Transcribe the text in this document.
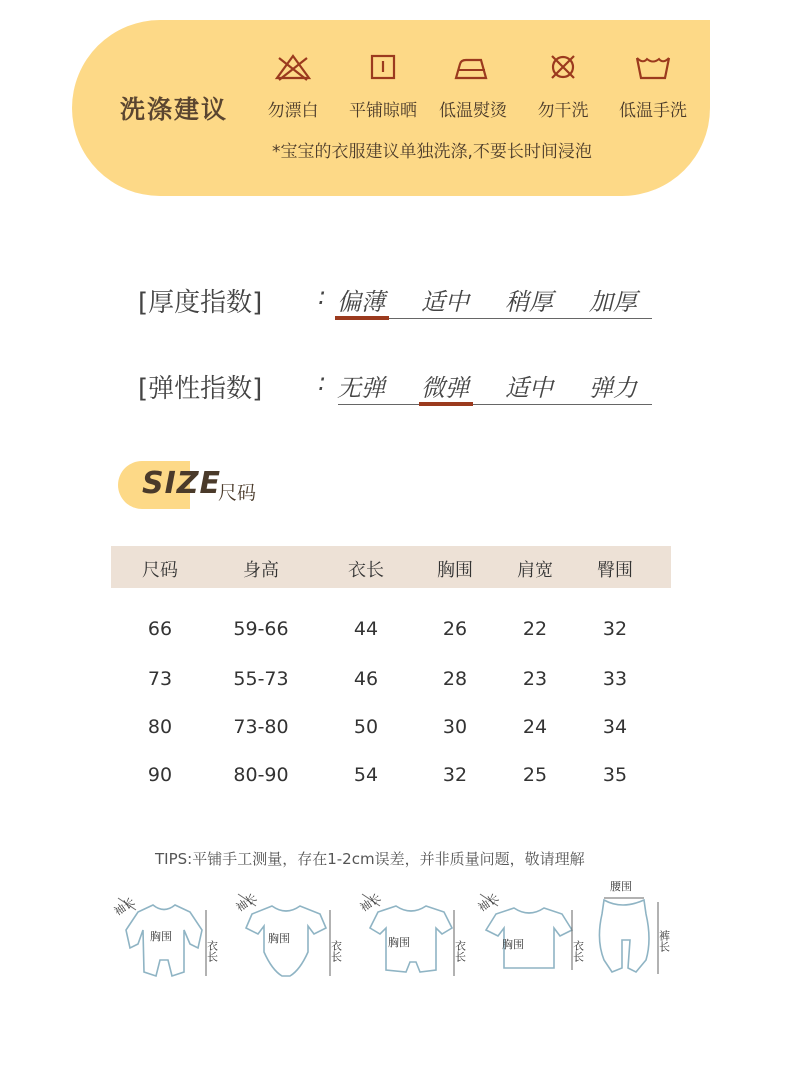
洗涤建议	勿漂白	平铺晾晒	低温熨烫	勿干洗	低温手洗
*宝宝的衣服建议单独洗涤,不要长时间浸泡
[厚度指数] : 偏薄 适中 稍厚 加厚
[弹性指数] : 无弹 微弹 适中 弹力
SIZE
尺码
尺码	身高	衣长	胸围	肩宽	臀围
66	59-66	44	26	22	32
73	55-73	46	28	23	33
80	73-80	50	30	24	34
90	80-90	54	32	25	35
TIPS:平铺手工测量，存在1-2cm误差，并非质量问题，敬请理解
袖长
胸围
衣长
袖长
胸围
衣长
袖长
胸围	衣长
袖长
胸围	衣长
腰围
裤长
